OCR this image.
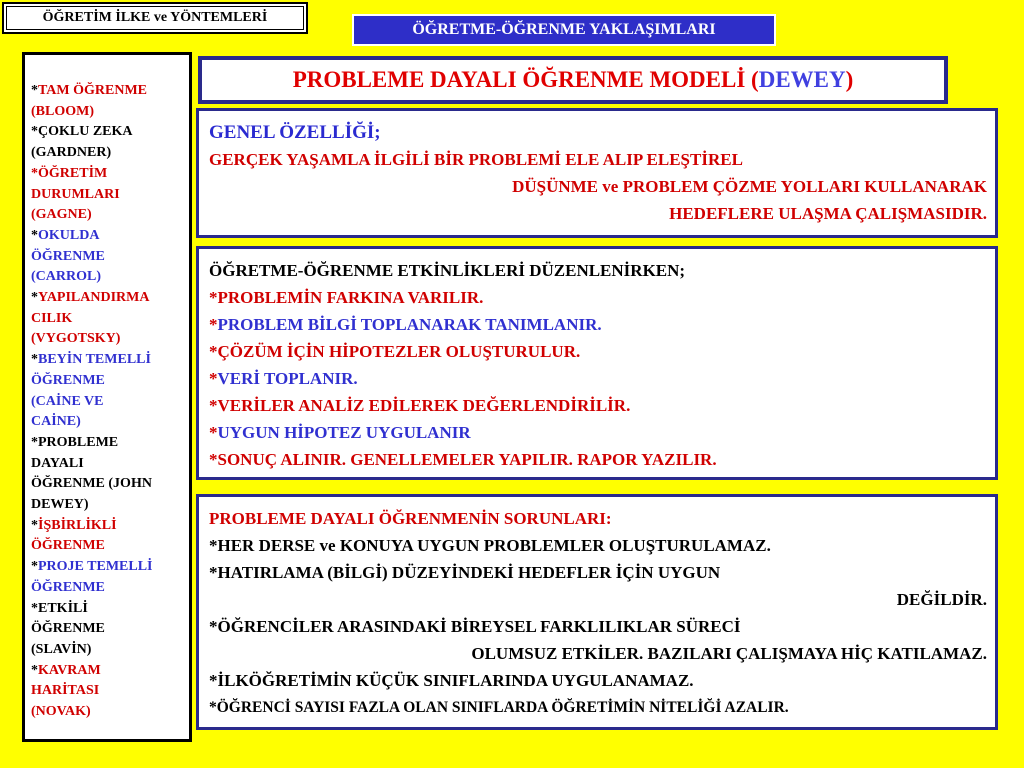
ÖĞRETİM İLKE ve YÖNTEMLERİ
ÖĞRETME-ÖĞRENME YAKLAŞIMLARI
PROBLEME DAYALI ÖĞRENME MODELİ (DEWEY)
*TAM ÖĞRENME
(BLOOM)
*ÇOKLU ZEKA
(GARDNER)
*ÖĞRETİM
DURUMLARI
(GAGNE)
*OKULDA
ÖĞRENME
(CARROL)
*YAPILANDIRMA
CILIK
(VYGOTSKY)
*BEYİN TEMELLİ
ÖĞRENME
(CAİNE VE
CAİNE)
*PROBLEME
DAYALI
ÖĞRENME (JOHN
DEWEY)
*İŞBİRLİKLİ
ÖĞRENME
*PROJE TEMELLİ
ÖĞRENME
*ETKİLİ
ÖĞRENME
(SLAVİN)
*KAVRAM
HARİTASI
(NOVAK)
GENEL ÖZELLİĞİ;
GERÇEK YAŞAMLA İLGİLİ BİR PROBLEMİ ELE ALIP ELEŞTİREL
DÜŞÜNME ve PROBLEM ÇÖZME YOLLARI KULLANARAK
HEDEFLERE ULAŞMA ÇALIŞMASIDIR.
ÖĞRETME-ÖĞRENME ETKİNLİKLERİ DÜZENLENİRKEN;
*PROBLEMİN FARKINA VARILIR.
*PROBLEM BİLGİ TOPLANARAK TANIMLANIR.
*ÇÖZÜM İÇİN HİPOTEZLER OLUŞTURULUR.
*VERİ TOPLANIR.
*VERİLER ANALİZ EDİLEREK DEĞERLENDİRİLİR.
*UYGUN HİPOTEZ UYGULANIR
*SONUÇ ALINIR. GENELLEMELER YAPILIR. RAPOR YAZILIR.
PROBLEME DAYALI ÖĞRENMENİN SORUNLARI:
*HER DERSE ve KONUYA UYGUN PROBLEMLER OLUŞTURULAMAZ.
*HATIRLAMA (BİLGİ) DÜZEYİNDEKİ HEDEFLER İÇİN UYGUN
DEĞİLDİR.
*ÖĞRENCİLER ARASINDAKİ BİREYSEL FARKLILIKLAR SÜRECİ
OLUMSUZ ETKİLER. BAZILARI ÇALIŞMAYA HİÇ KATILAMAZ.
*İLKÖĞRETİMİN KÜÇÜK SINIFLARINDA UYGULANAMAZ.
*ÖĞRENCİ SAYISI FAZLA OLAN SINIFLARDA ÖĞRETİMİN NİTELİĞİ AZALIR.
